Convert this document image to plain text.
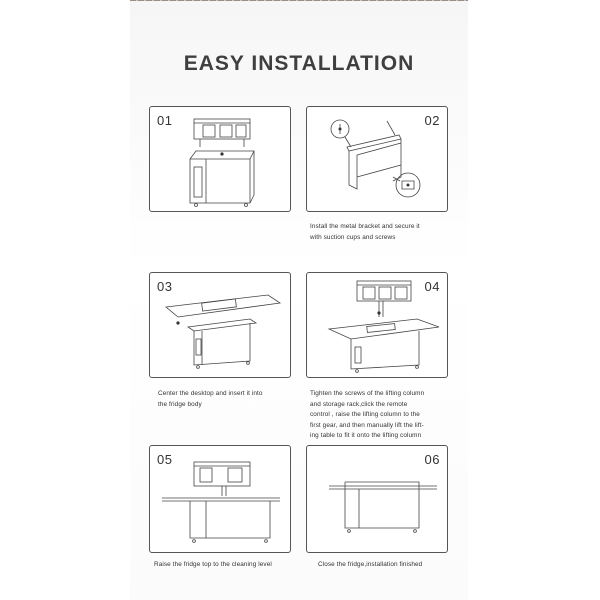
EASY INSTALLATION
01	02
Install the metal bracket and secure it
with suction cups and screws
03
Center the desktop and insert it into
the fridge body
04
Tighten the screws of the lifting column
and storage rack,click the remote
control , raise the lifting column to the
first gear, and then manually lift the lift-
ing table to fit it onto the lifting column
05
Raise the fridge top to the cleaning level
06
Close the fridge,installation finished
